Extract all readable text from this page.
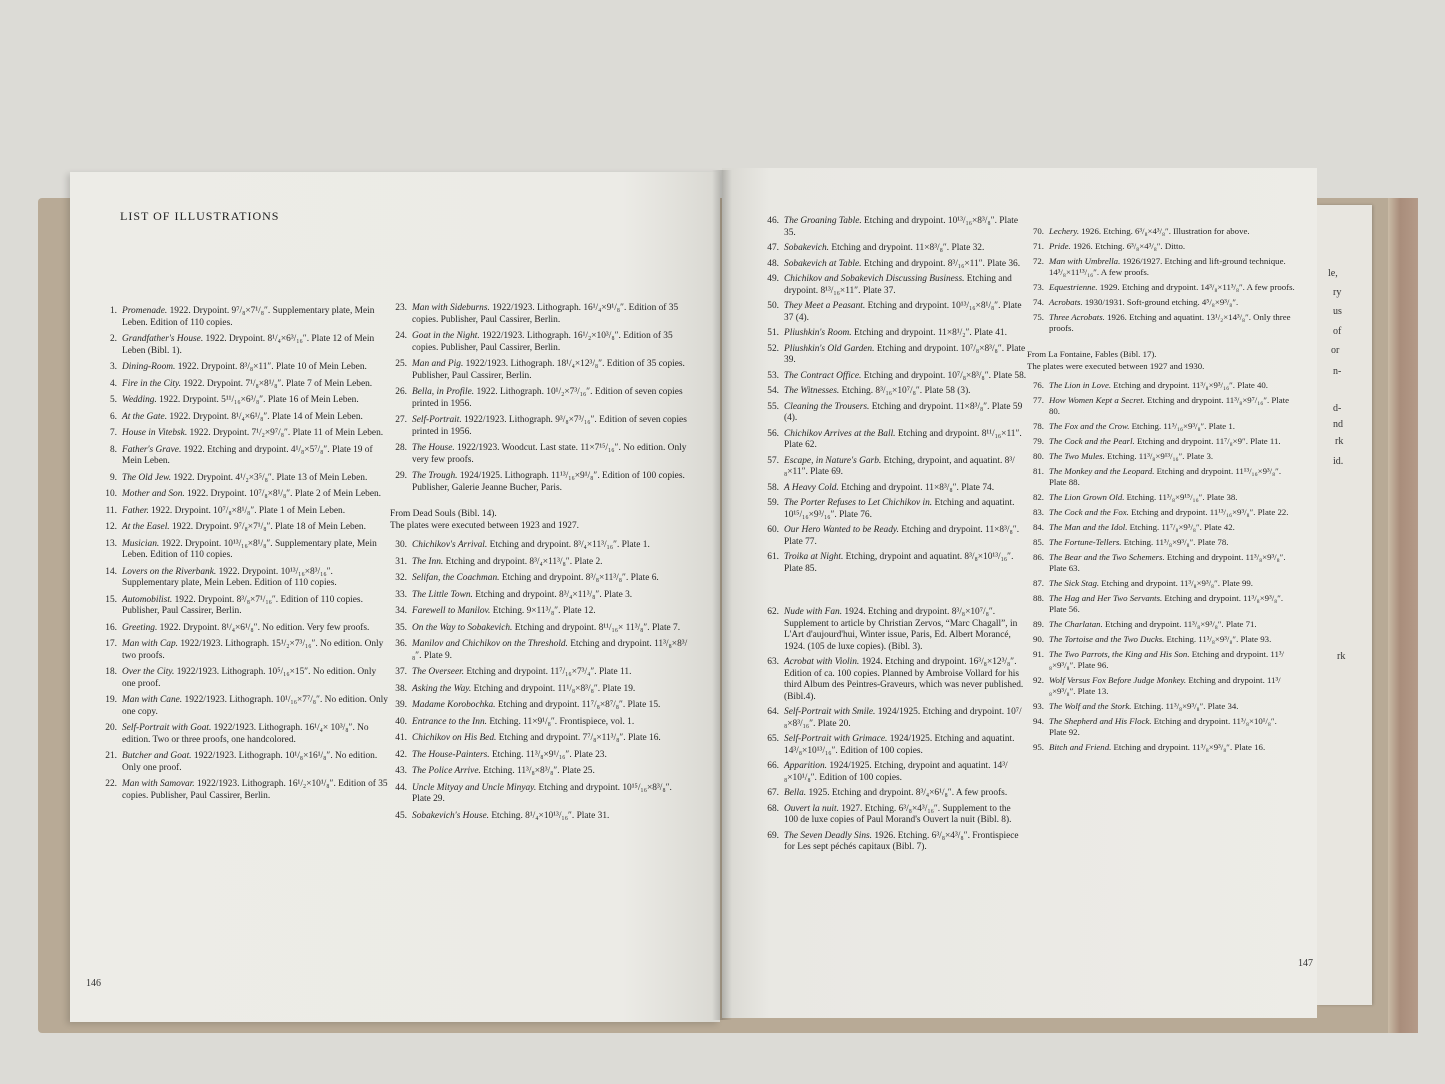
LIST OF ILLUSTRATIONS
146
147
1. Promenade. 1922. Drypoint. 9⁷/₈×7¹/₈″. Supplementary plate, Mein Leben. Edition of 110 copies.
2. Grandfather's House. 1922. Drypoint. 8¹/₄×6³/₁₆″. Plate 12 of Mein Leben (Bibl. 1).
3. Dining-Room. 1922. Drypoint. 8³/₈×11″. Plate 10 of Mein Leben.
4. Fire in the City. 1922. Drypoint. 7¹/₈×8¹/₈″. Plate 7 of Mein Leben.
5. Wedding. 1922. Drypoint. 5¹¹/₁₆×6³/₈″. Plate 16 of Mein Leben.
6. At the Gate. 1922. Drypoint. 8¹/₄×6¹/₈″. Plate 14 of Mein Leben.
7. House in Vitebsk. 1922. Drypoint. 7¹/₂×9⁷/₈″. Plate 11 of Mein Leben.
8. Father's Grave. 1922. Etching and drypoint. 4¹/₈×5⁷/₈″. Plate 19 of Mein Leben.
9. The Old Jew. 1922. Drypoint. 4¹/₂×3⁵/₈″. Plate 13 of Mein Leben.
10. Mother and Son. 1922. Drypoint. 10⁷/₈×8¹/₈″. Plate 2 of Mein Leben.
11. Father. 1922. Drypoint. 10⁷/₈×8¹/₈″. Plate 1 of Mein Leben.
12. At the Easel. 1922. Drypoint. 9⁷/₈×7¹/₈″. Plate 18 of Mein Leben.
13. Musician. 1922. Drypoint. 10¹³/₁₆×8¹/₈″. Supplementary plate, Mein Leben. Edition of 110 copies.
14. Lovers on the Riverbank. 1922. Drypoint. 10¹³/₁₆×8³/₁₆″. Supplementary plate, Mein Leben. Edition of 110 copies.
15. Automobilist. 1922. Drypoint. 8³/₈×7¹/₁₆″. Edition of 110 copies. Publisher, Paul Cassirer, Berlin.
16. Greeting. 1922. Drypoint. 8¹/₄×6¹/₈″. No edition. Very few proofs.
17. Man with Cap. 1922/1923. Lithograph. 15¹/₂×7³/₁₆″. No edition. Only two proofs.
18. Over the City. 1922/1923. Lithograph. 10⁵/₁₆×15″. No edition. Only one proof.
19. Man with Cane. 1922/1923. Lithograph. 10¹/₁₆×7⁷/₈″. No edition. Only one copy.
20. Self-Portrait with Goat. 1922/1923. Lithograph. 16¹/₄× 10³/₈″. No edition. Two or three proofs, one handcolored.
21. Butcher and Goat. 1922/1923. Lithograph. 10¹/₈×16¹/₈″. No edition. Only one proof.
22. Man with Samovar. 1922/1923. Lithograph. 16¹/₂×10¹/₈″. Edition of 35 copies. Publisher, Paul Cassirer, Berlin.
23. Man with Sideburns. 1922/1923. Lithograph. 16¹/₄×9¹/₈″. Edition of 35 copies. Publisher, Paul Cassirer, Berlin.
24. Goat in the Night. 1922/1923. Lithograph. 16¹/₂×10³/₈″. Edition of 35 copies. Publisher, Paul Cassirer, Berlin.
25. Man and Pig. 1922/1923. Lithograph. 18¹/₄×12³/₈″. Edition of 35 copies. Publisher, Paul Cassirer, Berlin.
26. Bella, in Profile. 1922. Lithograph. 10¹/₂×7³/₁₆″. Edition of seven copies printed in 1956.
27. Self-Portrait. 1922/1923. Lithograph. 9³/₈×7³/₁₆″. Edition of seven copies printed in 1956.
28. The House. 1922/1923. Woodcut. Last state. 11×7¹⁵/₁₆″. No edition. Only very few proofs.
29. The Trough. 1924/1925. Lithograph. 11¹³/₁₆×9¹/₈″. Edition of 100 copies. Publisher, Galerie Jeanne Bucher, Paris.
From Dead Souls (Bibl. 14).
The plates were executed between 1923 and 1927.
30. Chichikov's Arrival. Etching and drypoint. 8³/₄×11³/₁₆″. Plate 1.
31. The Inn. Etching and drypoint. 8³/₄×11³/₈″. Plate 2.
32. Selifan, the Coachman. Etching and drypoint. 8³/₈×11³/₈″. Plate 6.
33. The Little Town. Etching and drypoint. 8³/₄×11³/₈″. Plate 3.
34. Farewell to Manilov. Etching. 9×11³/₈″. Plate 12.
35. On the Way to Sobakevich. Etching and drypoint. 8¹¹/₁₆× 11³/₈″. Plate 7.
36. Manilov and Chichikov on the Threshold. Etching and drypoint. 11³/₈×8³/₈″. Plate 9.
37. The Overseer. Etching and drypoint. 11⁷/₁₆×7³/₄″. Plate 11.
38. Asking the Way. Etching and drypoint. 11¹/₈×8³/₈″. Plate 19.
39. Madame Korobochka. Etching and drypoint. 11⁷/₈×8⁷/₈″. Plate 15.
40. Entrance to the Inn. Etching. 11×9¹/₈″. Frontispiece, vol. 1.
41. Chichikov on His Bed. Etching and drypoint. 7⁷/₈×11³/₈″. Plate 16.
42. The House-Painters. Etching. 11³/₈×9¹/₁₆″. Plate 23.
43. The Police Arrive. Etching. 11³/₈×8³/₈″. Plate 25.
44. Uncle Mityay and Uncle Minyay. Etching and drypoint. 10¹⁵/₁₆×8³/₈″. Plate 29.
45. Sobakevich's House. Etching. 8¹/₄×10¹³/₁₆″. Plate 31.
46. The Groaning Table. Etching and drypoint. 10¹³/₁₆×8³/₈″. Plate 35.
47. Sobakevich. Etching and drypoint. 11×8³/₈″. Plate 32.
48. Sobakevich at Table. Etching and drypoint. 8³/₁₆×11″. Plate 36.
49. Chichikov and Sobakevich Discussing Business. Etching and drypoint. 8¹³/₁₆×11″. Plate 37.
50. They Meet a Peasant. Etching and drypoint. 10¹³/₁₆×8¹/₈″. Plate 37 (4).
51. Pliushkin's Room. Etching and drypoint. 11×8¹/₂″. Plate 41.
52. Pliushkin's Old Garden. Etching and drypoint. 10⁷/₈×8³/₈″. Plate 39.
53. The Contract Office. Etching and drypoint. 10⁷/₈×8³/₈″. Plate 58.
54. The Witnesses. Etching. 8³/₁₆×10⁷/₈″. Plate 58 (3).
55. Cleaning the Trousers. Etching and drypoint. 11×8³/₈″. Plate 59 (4).
56. Chichikov Arrives at the Ball. Etching and drypoint. 8¹¹/₁₆×11″. Plate 62.
57. Escape, in Nature's Garb. Etching, drypoint, and aquatint. 8³/₈×11″. Plate 69.
58. A Heavy Cold. Etching and drypoint. 11×8³/₈″. Plate 74.
59. The Porter Refuses to Let Chichikov in. Etching and aquatint. 10¹⁵/₁₆×9³/₁₆″. Plate 76.
60. Our Hero Wanted to be Ready. Etching and drypoint. 11×8³/₈″. Plate 77.
61. Troika at Night. Etching, drypoint and aquatint. 8³/₈×10¹³/₁₆″. Plate 85.
62. Nude with Fan. 1924. Etching and drypoint. 8³/₈×10⁷/₈″. Supplement to article by Christian Zervos, “Marc Chagall”, in L'Art d'aujourd'hui, Winter issue, Paris, Ed. Albert Morancé, 1924. (105 de luxe copies). (Bibl. 3).
63. Acrobat with Violin. 1924. Etching and drypoint. 16³/₈×12³/₈″. Edition of ca. 100 copies. Planned by Ambroise Vollard for his third Album des Peintres-Graveurs, which was never published. (Bibl.4).
64. Self-Portrait with Smile. 1924/1925. Etching and drypoint. 10⁷/₈×8³/₁₆″. Plate 20.
65. Self-Portrait with Grimace. 1924/1925. Etching and aquatint. 14³/₈×10¹³/₁₆″. Edition of 100 copies.
66. Apparition. 1924/1925. Etching, drypoint and aquatint. 14³/₈×10¹/₈″. Edition of 100 copies.
67. Bella. 1925. Etching and drypoint. 8³/₄×6¹/₈″. A few proofs.
68. Ouvert la nuit. 1927. Etching. 6³/₈×4³/₁₆″. Supplement to the 100 de luxe copies of Paul Morand's Ouvert la nuit (Bibl. 8).
69. The Seven Deadly Sins. 1926. Etching. 6³/₈×4³/₈″. Frontispiece for Les sept péchés capitaux (Bibl. 7).
70. Lechery. 1926. Etching. 6³/₈×4³/₈″. Illustration for above.
71. Pride. 1926. Etching. 6³/₈×4³/₈″. Ditto.
72. Man with Umbrella. 1926/1927. Etching and lift-ground technique. 14³/₈×11¹³/₁₆″. A few proofs.
73. Equestrienne. 1929. Etching and drypoint. 14³/₈×11³/₈″. A few proofs.
74. Acrobats. 1930/1931. Soft-ground etching. 4⁵/₈×9³/₈″.
75. Three Acrobats. 1926. Etching and aquatint. 13¹/₂×14³/₈″. Only three proofs.
From La Fontaine, Fables (Bibl. 17).
The plates were executed between 1927 and 1930.
76. The Lion in Love. Etching and drypoint. 11³/₈×9³/₁₆″. Plate 40.
77. How Women Kept a Secret. Etching and drypoint. 11³/₈×9⁷/₁₆″. Plate 80.
78. The Fox and the Crow. Etching. 11³/₁₆×9³/₈″. Plate 1.
79. The Cock and the Pearl. Etching and drypoint. 11⁷/₈×9″. Plate 11.
80. The Two Mules. Etching. 11³/₈×9¹³/₁₆″. Plate 3.
81. The Monkey and the Leopard. Etching and drypoint. 11¹³/₁₆×9³/₈″. Plate 88.
82. The Lion Grown Old. Etching. 11³/₈×9¹⁵/₁₆″. Plate 38.
83. The Cock and the Fox. Etching and drypoint. 11¹³/₁₆×9³/₈″. Plate 22.
84. The Man and the Idol. Etching. 11⁷/₈×9³/₈″. Plate 42.
85. The Fortune-Tellers. Etching. 11³/₈×9³/₈″. Plate 78.
86. The Bear and the Two Schemers. Etching and drypoint. 11³/₈×9³/₈″. Plate 63.
87. The Sick Stag. Etching and drypoint. 11³/₈×9³/₈″. Plate 99.
88. The Hag and Her Two Servants. Etching and drypoint. 11³/₈×9³/₈″. Plate 56.
89. The Charlatan. Etching and drypoint. 11³/₈×9³/₈″. Plate 71.
90. The Tortoise and the Two Ducks. Etching. 11³/₈×9³/₈″. Plate 93.
91. The Two Parrots, the King and His Son. Etching and drypoint. 11³/₈×9³/₈″. Plate 96.
92. Wolf Versus Fox Before Judge Monkey. Etching and drypoint. 11³/₈×9³/₈″. Plate 13.
93. The Wolf and the Stork. Etching. 11³/₈×9³/₈″. Plate 34.
94. The Shepherd and His Flock. Etching and drypoint. 11³/₈×10¹/₈″. Plate 92.
95. Bitch and Friend. Etching and drypoint. 11³/₈×9³/₈″. Plate 16.
le,
ry
us
of
or
n-
d-
nd
rk
id.
rk
